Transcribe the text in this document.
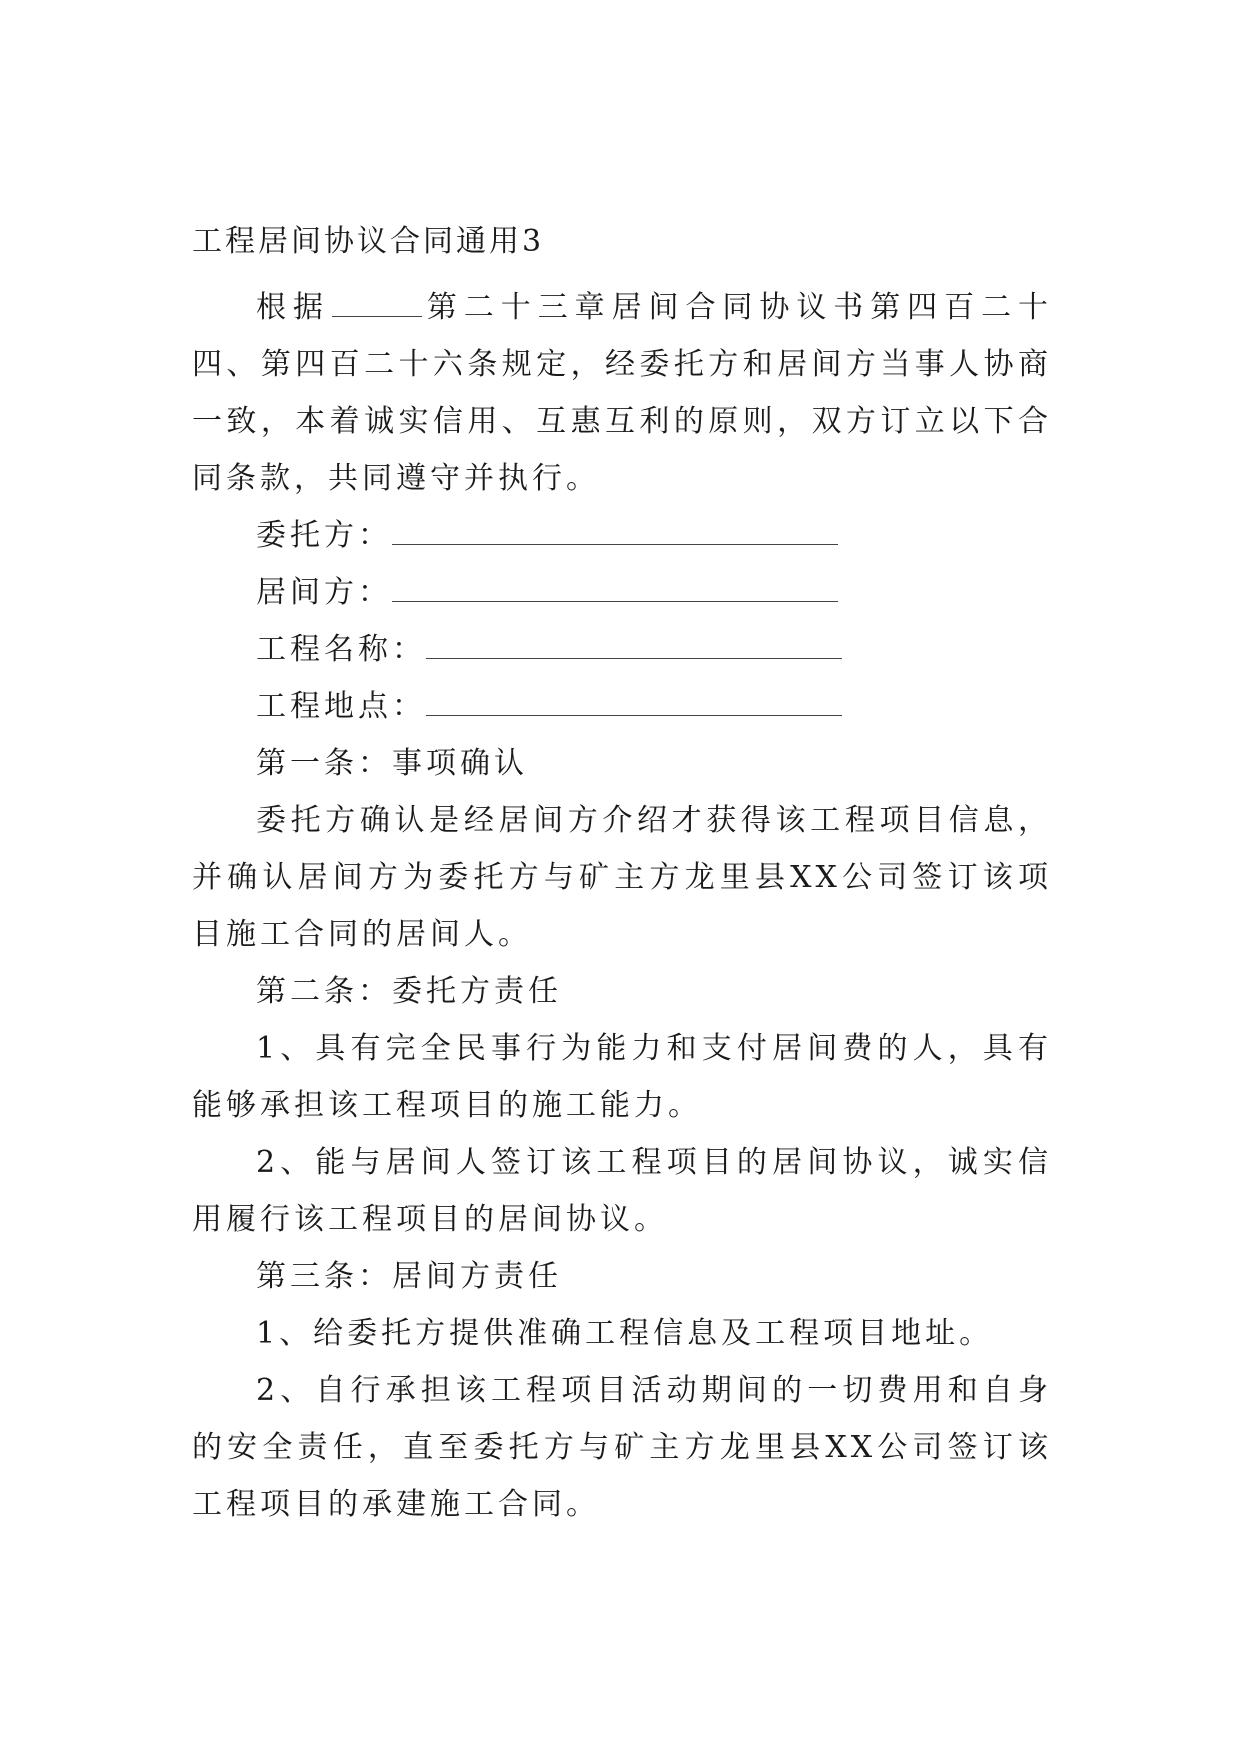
工程居间协议合同通用3

根据	第二十三章居间合同协议书第四百二十四、第四百二十六条规定，经委托方和居间方当事人协商一致，本着诚实信用、互惠互利的原则，双方订立以下合同条款，共同遵守并执行。

委托方：
居间方：
工程名称：
工程地点：

第一条：事项确认

委托方确认是经居间方介绍才获得该工程项目信息，并确认居间方为委托方与矿主方龙里县XX公司签订该项目施工合同的居间人。

第二条：委托方责任

1、具有完全民事行为能力和支付居间费的人，具有能够承担该工程项目的施工能力。

2、能与居间人签订该工程项目的居间协议，诚实信用履行该工程项目的居间协议。

第三条：居间方责任

1、给委托方提供准确工程信息及工程项目地址。

2、自行承担该工程项目活动期间的一切费用和自身的安全责任，直至委托方与矿主方龙里县XX公司签订该工程项目的承建施工合同。
